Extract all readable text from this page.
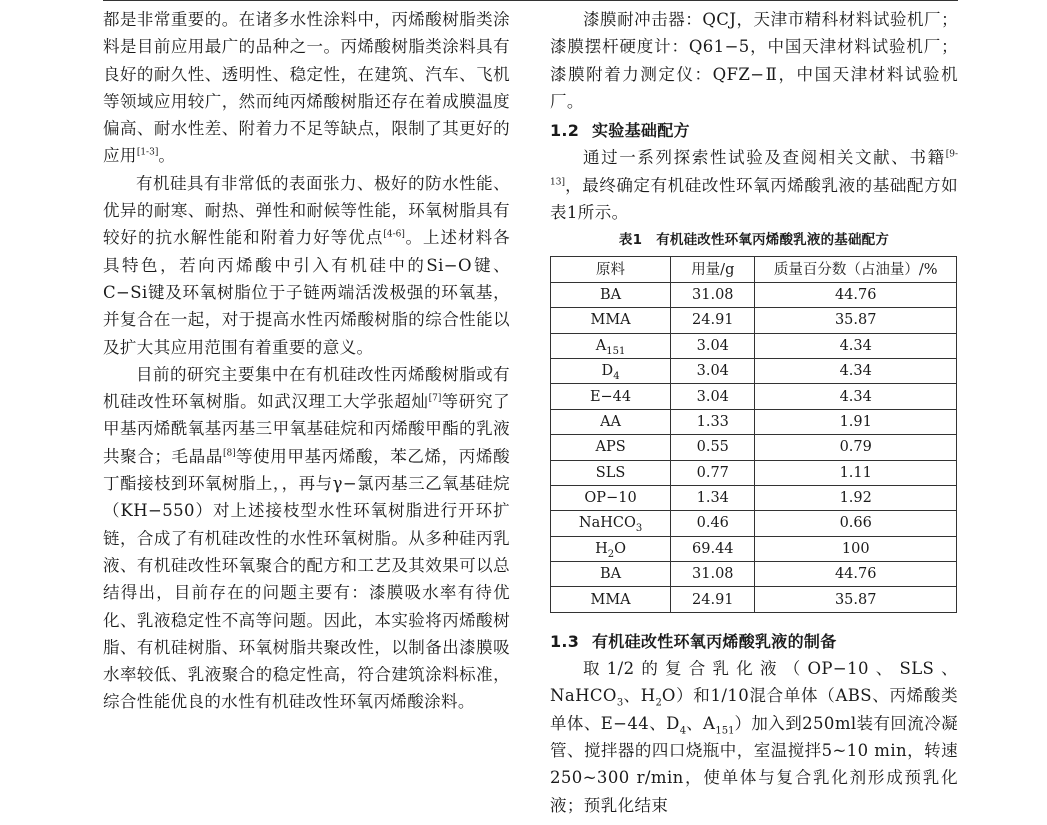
都是非常重要的。在诸多水性涂料中，丙烯酸树脂类涂料是目前应用最广的品种之一。丙烯酸树脂类涂料具有良好的耐久性、透明性、稳定性，在建筑、汽车、飞机等领域应用较广，然而纯丙烯酸树脂还存在着成膜温度偏高、耐水性差、附着力不足等缺点，限制了其更好的应用[1-3]。

有机硅具有非常低的表面张力、极好的防水性能、优异的耐寒、耐热、弹性和耐候等性能，环氧树脂具有较好的抗水解性能和附着力好等优点[4-6]。上述材料各具特色，若向丙烯酸中引入有机硅中的Si−O键、C−Si键及环氧树脂位于子链两端活泼极强的环氧基，并复合在一起，对于提高水性丙烯酸树脂的综合性能以及扩大其应用范围有着重要的意义。

目前的研究主要集中在有机硅改性丙烯酸树脂或有机硅改性环氧树脂。如武汉理工大学张超灿[7]等研究了甲基丙烯酰氧基丙基三甲氧基硅烷和丙烯酸甲酯的乳液共聚合；毛晶晶[8]等使用甲基丙烯酸，苯乙烯，丙烯酸丁酯接枝到环氧树脂上，，再与γ−氯丙基三乙氧基硅烷（KH−550）对上述接枝型水性环氧树脂进行开环扩链，合成了有机硅改性的水性环氧树脂。从多种硅丙乳液、有机硅改性环氧聚合的配方和工艺及其效果可以总结得出，目前存在的问题主要有：漆膜吸水率有待优化、乳液稳定性不高等问题。因此，本实验将丙烯酸树脂、有机硅树脂、环氧树脂共聚改性，以制备出漆膜吸水率较低、乳液聚合的稳定性高，符合建筑涂料标准，综合性能优良的水性有机硅改性环氧丙烯酸涂料。

漆膜耐冲击器：QCJ，天津市精科材料试验机厂；漆膜摆杆硬度计：Q61−5，中国天津材料试验机厂；漆膜附着力测定仪：QFZ−Ⅱ，中国天津材料试验机厂。

1.2 实验基础配方

通过一系列探索性试验及查阅相关文献、书籍[9-13]，最终确定有机硅改性环氧丙烯酸乳液的基础配方如表1所示。

表1 有机硅改性环氧丙烯酸乳液的基础配方
原料	用量/g	质量百分数（占油量）/%
BA	31.08	44.76
MMA	24.91	35.87
$A_{151}$	3.04	4.34
$D_4$	3.04	4.34
E−44	3.04	4.34
AA	1.33	1.91
APS	0.55	0.79
SLS	0.77	1.11
OP−10	1.34	1.92
NaHCO$_3$	0.46	0.66
$H_2O$	69.44	100
BA	31.08	44.76
MMA	24.91	35.87
1.3 有机硅改性环氧丙烯酸乳液的制备

取1/2的复合乳化液（OP−10、SLS、NaHCO$_3$、$H_2O$）和1/10混合单体（ABS、丙烯酸类单体、E−44、$D_4$、$A_{151}$）加入到250ml装有回流冷凝管、搅拌器的四口烧瓶中，室温搅拌5~10 min，转速250~300 r/min，使单体与复合乳化剂形成预乳化液；预乳化结束
